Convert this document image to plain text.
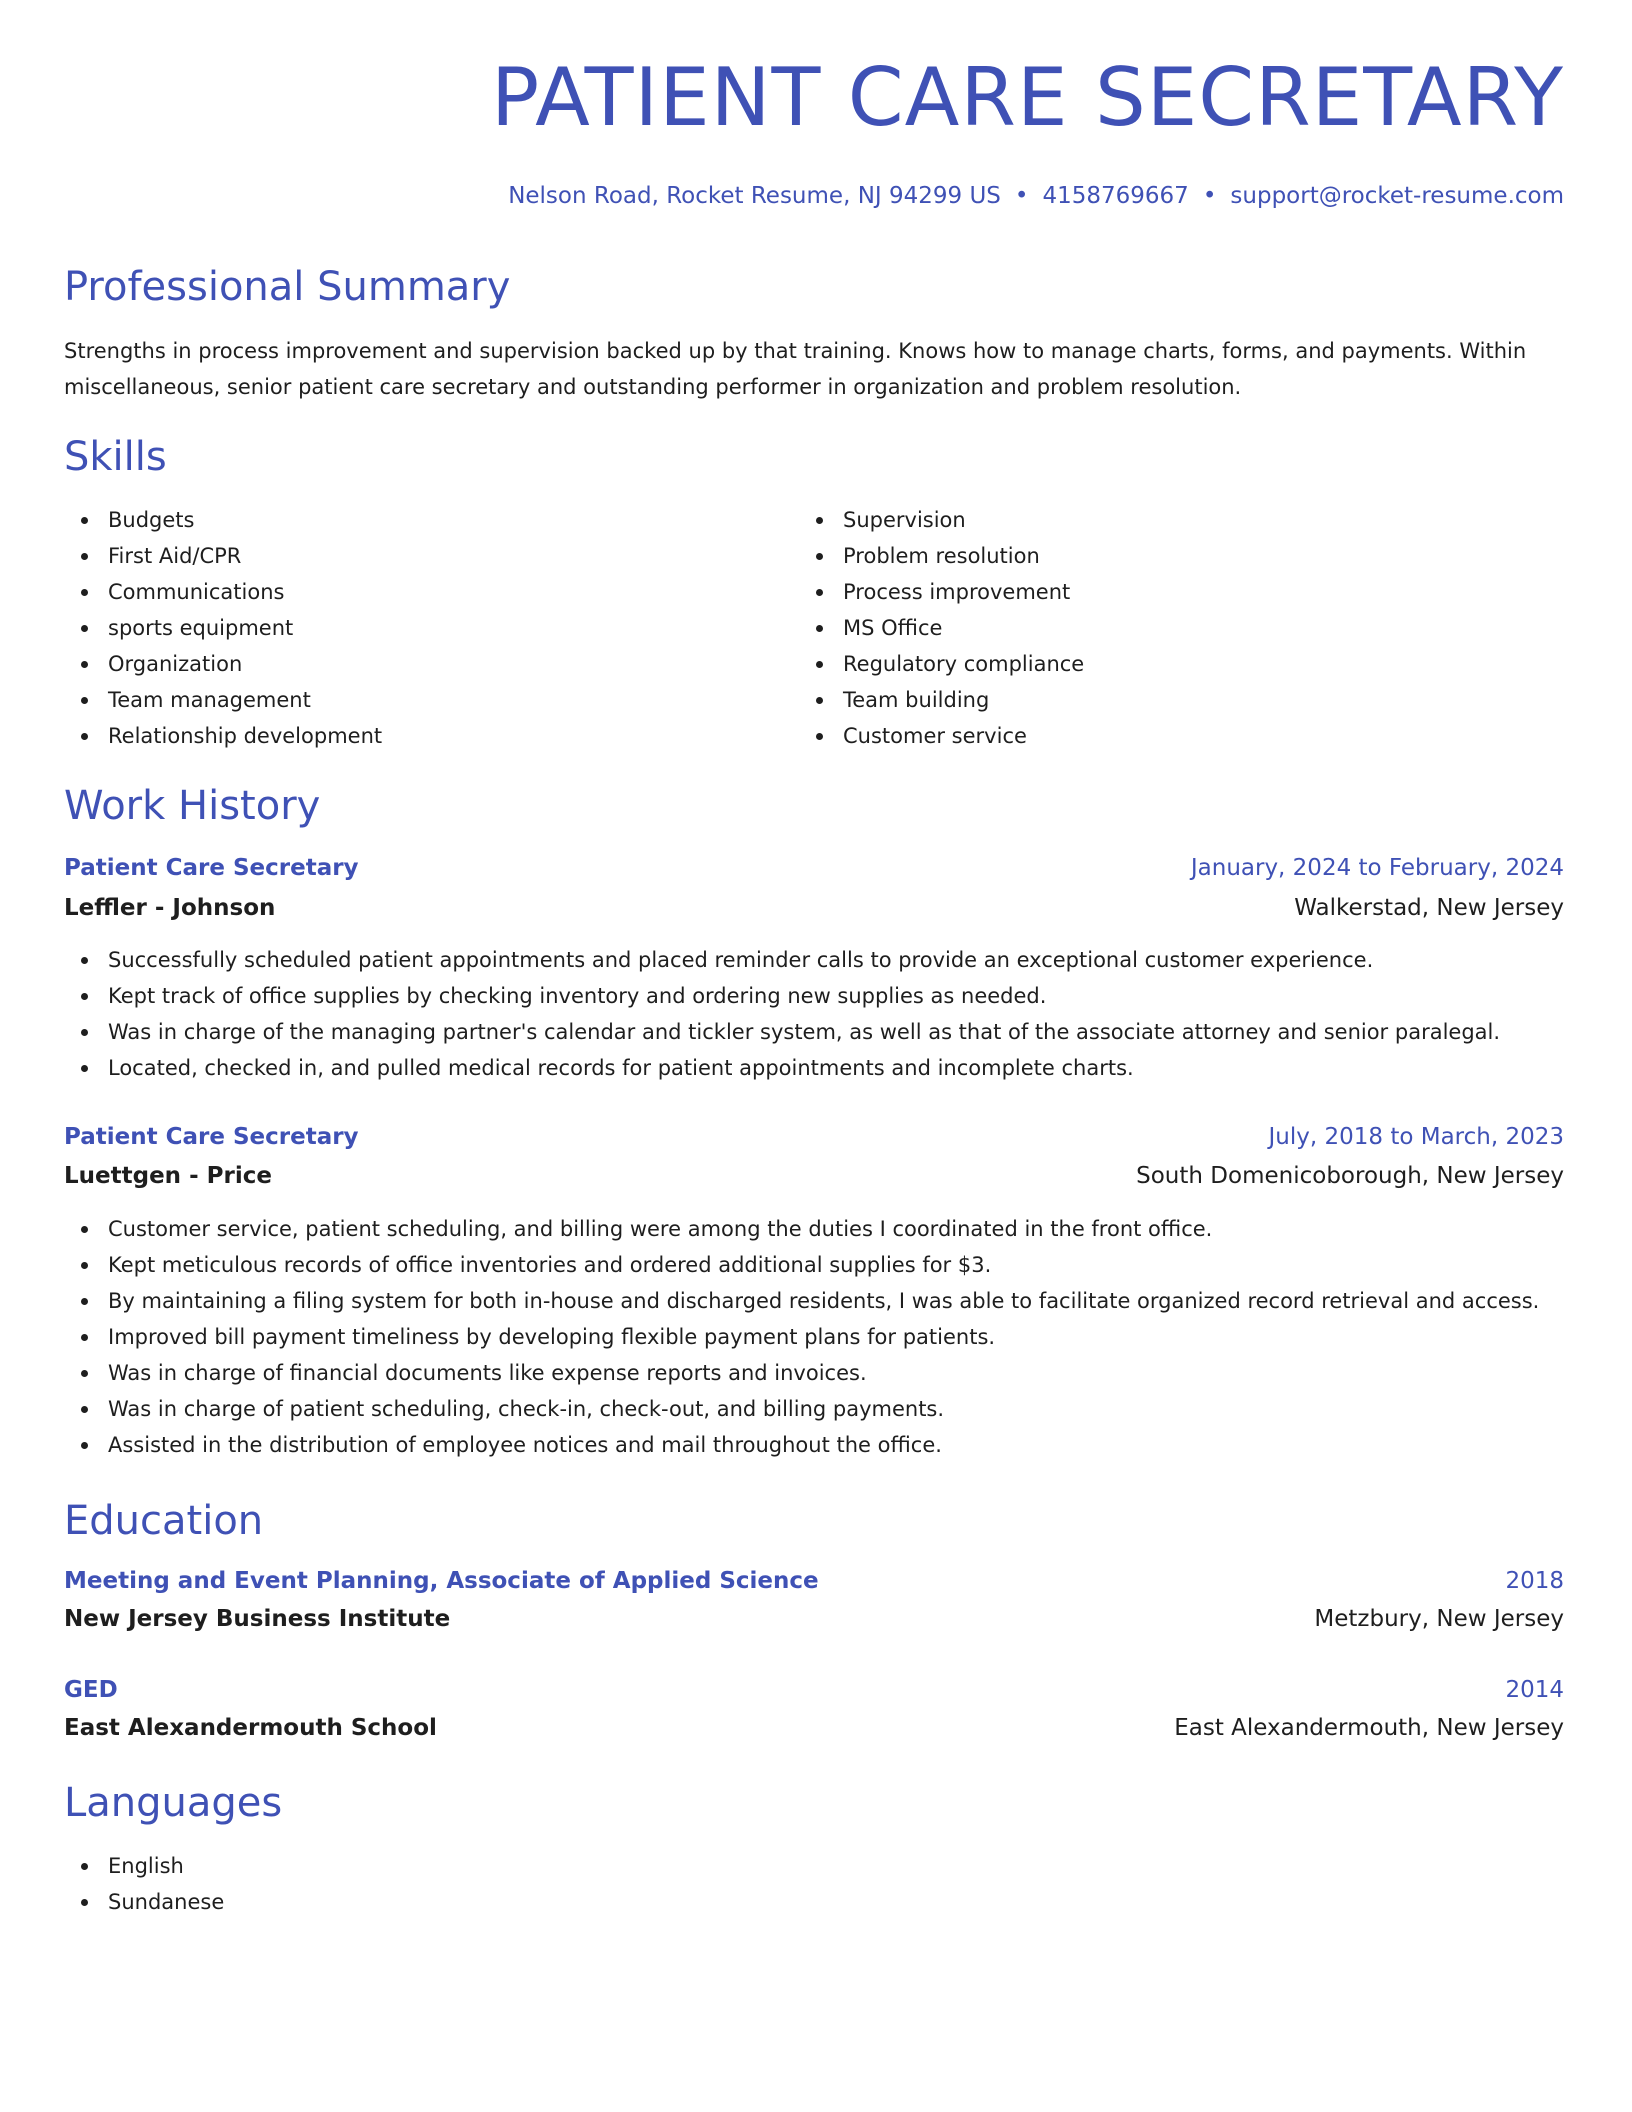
PATIENT CARE SECRETARY
Nelson Road, Rocket Resume, NJ 94299 US • 4158769667 • support@rocket-resume.com
Professional Summary
Strengths in process improvement and supervision backed up by that training. Knows how to manage charts, forms, and payments. Within miscellaneous, senior patient care secretary and outstanding performer in organization and problem resolution.
Skills
Budgets
First Aid/CPR
Communications
sports equipment
Organization
Team management
Relationship development
Supervision
Problem resolution
Process improvement
MS Office
Regulatory compliance
Team building
Customer service
Work History
Patient Care Secretary	January, 2024 to February, 2024
Leffler - Johnson	Walkerstad, New Jersey
Successfully scheduled patient appointments and placed reminder calls to provide an exceptional customer experience.
Kept track of office supplies by checking inventory and ordering new supplies as needed.
Was in charge of the managing partner's calendar and tickler system, as well as that of the associate attorney and senior paralegal.
Located, checked in, and pulled medical records for patient appointments and incomplete charts.
Patient Care Secretary	July, 2018 to March, 2023
Luettgen - Price	South Domenicoborough, New Jersey
Customer service, patient scheduling, and billing were among the duties I coordinated in the front office.
Kept meticulous records of office inventories and ordered additional supplies for $3.
By maintaining a filing system for both in-house and discharged residents, I was able to facilitate organized record retrieval and access.
Improved bill payment timeliness by developing flexible payment plans for patients.
Was in charge of financial documents like expense reports and invoices.
Was in charge of patient scheduling, check-in, check-out, and billing payments.
Assisted in the distribution of employee notices and mail throughout the office.
Education
Meeting and Event Planning, Associate of Applied Science	2018
New Jersey Business Institute	Metzbury, New Jersey
GED	2014
East Alexandermouth School	East Alexandermouth, New Jersey
Languages
English
Sundanese
